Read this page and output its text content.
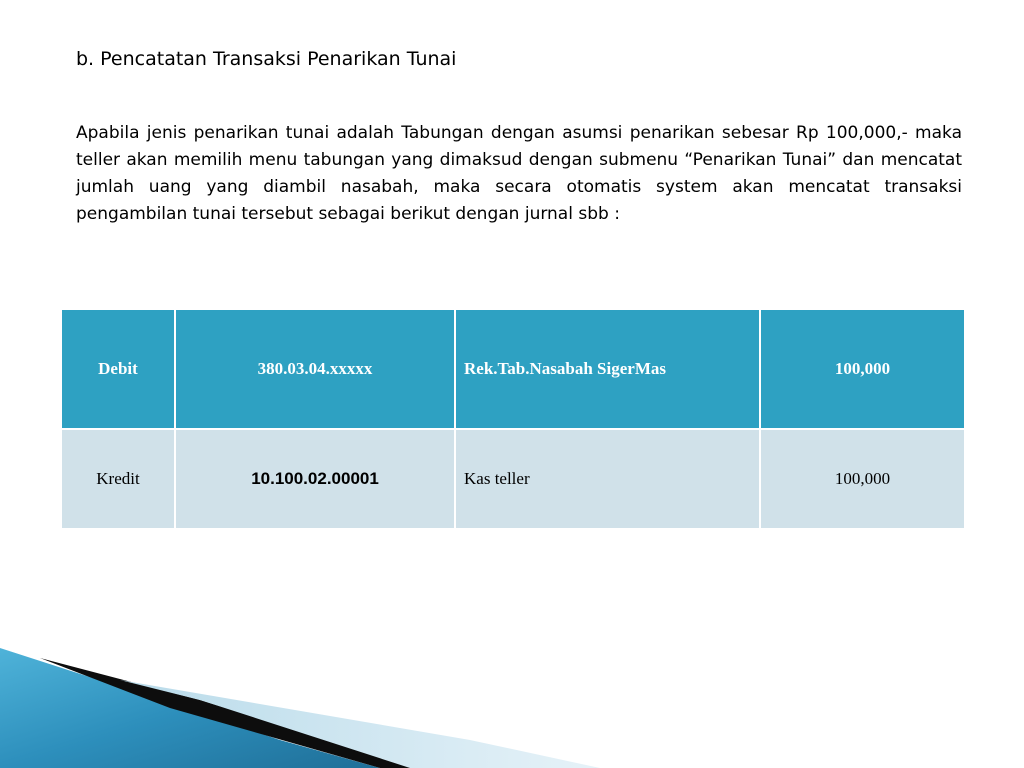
b. Pencatatan Transaksi Penarikan Tunai

Apabila jenis penarikan tunai adalah Tabungan dengan asumsi penarikan sebesar Rp 100,000,- maka teller akan memilih menu tabungan yang dimaksud dengan submenu “Penarikan Tunai” dan mencatat jumlah uang yang diambil nasabah, maka secara otomatis system akan mencatat transaksi pengambilan tunai tersebut sebagai berikut dengan jurnal sbb :

Debit	380.03.04.xxxxx	Rek.Tab.Nasabah SigerMas	100,000
Kredit	10.100.02.00001	Kas teller	100,000
